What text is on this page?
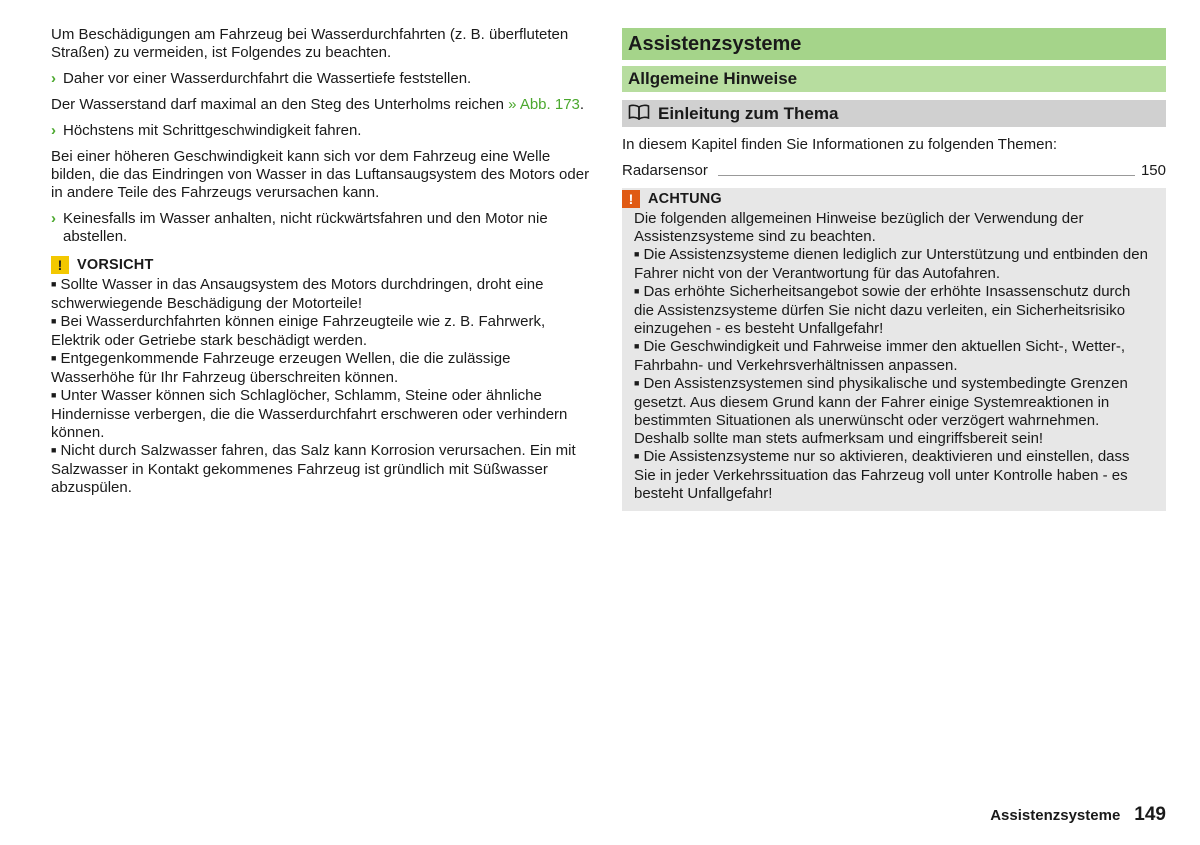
Um Beschädigungen am Fahrzeug bei Wasserdurchfahrten (z. B. überfluteten Straßen) zu vermeiden, ist Folgendes zu beachten.

› Daher vor einer Wasserdurchfahrt die Wassertiefe feststellen.

Der Wasserstand darf maximal an den Steg des Unterholms reichen » Abb. 173.

› Höchstens mit Schrittgeschwindigkeit fahren.

Bei einer höheren Geschwindigkeit kann sich vor dem Fahrzeug eine Welle bilden, die das Eindringen von Wasser in das Luftansaugsystem des Motors oder in andere Teile des Fahrzeugs verursachen kann.

› Keinesfalls im Wasser anhalten, nicht rückwärtsfahren und den Motor nie abstellen.
!	VORSICHT

■ Sollte Wasser in das Ansaugsystem des Motors durchdringen, droht eine schwerwiegende Beschädigung der Motorteile!

■ Bei Wasserdurchfahrten können einige Fahrzeugteile wie z. B. Fahrwerk, Elektrik oder Getriebe stark beschädigt werden.

■ Entgegenkommende Fahrzeuge erzeugen Wellen, die die zulässige Wasserhöhe für Ihr Fahrzeug überschreiten können.

■ Unter Wasser können sich Schlaglöcher, Schlamm, Steine oder ähnliche Hindernisse verbergen, die die Wasserdurchfahrt erschweren oder verhindern können.

■ Nicht durch Salzwasser fahren, das Salz kann Korrosion verursachen. Ein mit Salzwasser in Kontakt gekommenes Fahrzeug ist gründlich mit Süßwasser abzuspülen.

Assistenzsysteme
Allgemeine Hinweise
Einleitung zum Thema

In diesem Kapitel finden Sie Informationen zu folgenden Themen:

Radarsensor	150
!	ACHTUNG

Die folgenden allgemeinen Hinweise bezüglich der Verwendung der Assistenzsysteme sind zu beachten.

■ Die Assistenzsysteme dienen lediglich zur Unterstützung und entbinden den Fahrer nicht von der Verantwortung für das Autofahren.

■ Das erhöhte Sicherheitsangebot sowie der erhöhte Insassenschutz durch die Assistenzsysteme dürfen Sie nicht dazu verleiten, ein Sicherheitsrisiko einzugehen - es besteht Unfallgefahr!

■ Die Geschwindigkeit und Fahrweise immer den aktuellen Sicht-, Wetter-, Fahrbahn- und Verkehrsverhältnissen anpassen.

■ Den Assistenzsystemen sind physikalische und systembedingte Grenzen gesetzt. Aus diesem Grund kann der Fahrer einige Systemreaktionen in bestimmten Situationen als unerwünscht oder verzögert wahrnehmen. Deshalb sollte man stets aufmerksam und eingriffsbereit sein!

■ Die Assistenzsysteme nur so aktivieren, deaktivieren und einstellen, dass Sie in jeder Verkehrssituation das Fahrzeug voll unter Kontrolle haben - es besteht Unfallgefahr!

Assistenzsysteme 149
